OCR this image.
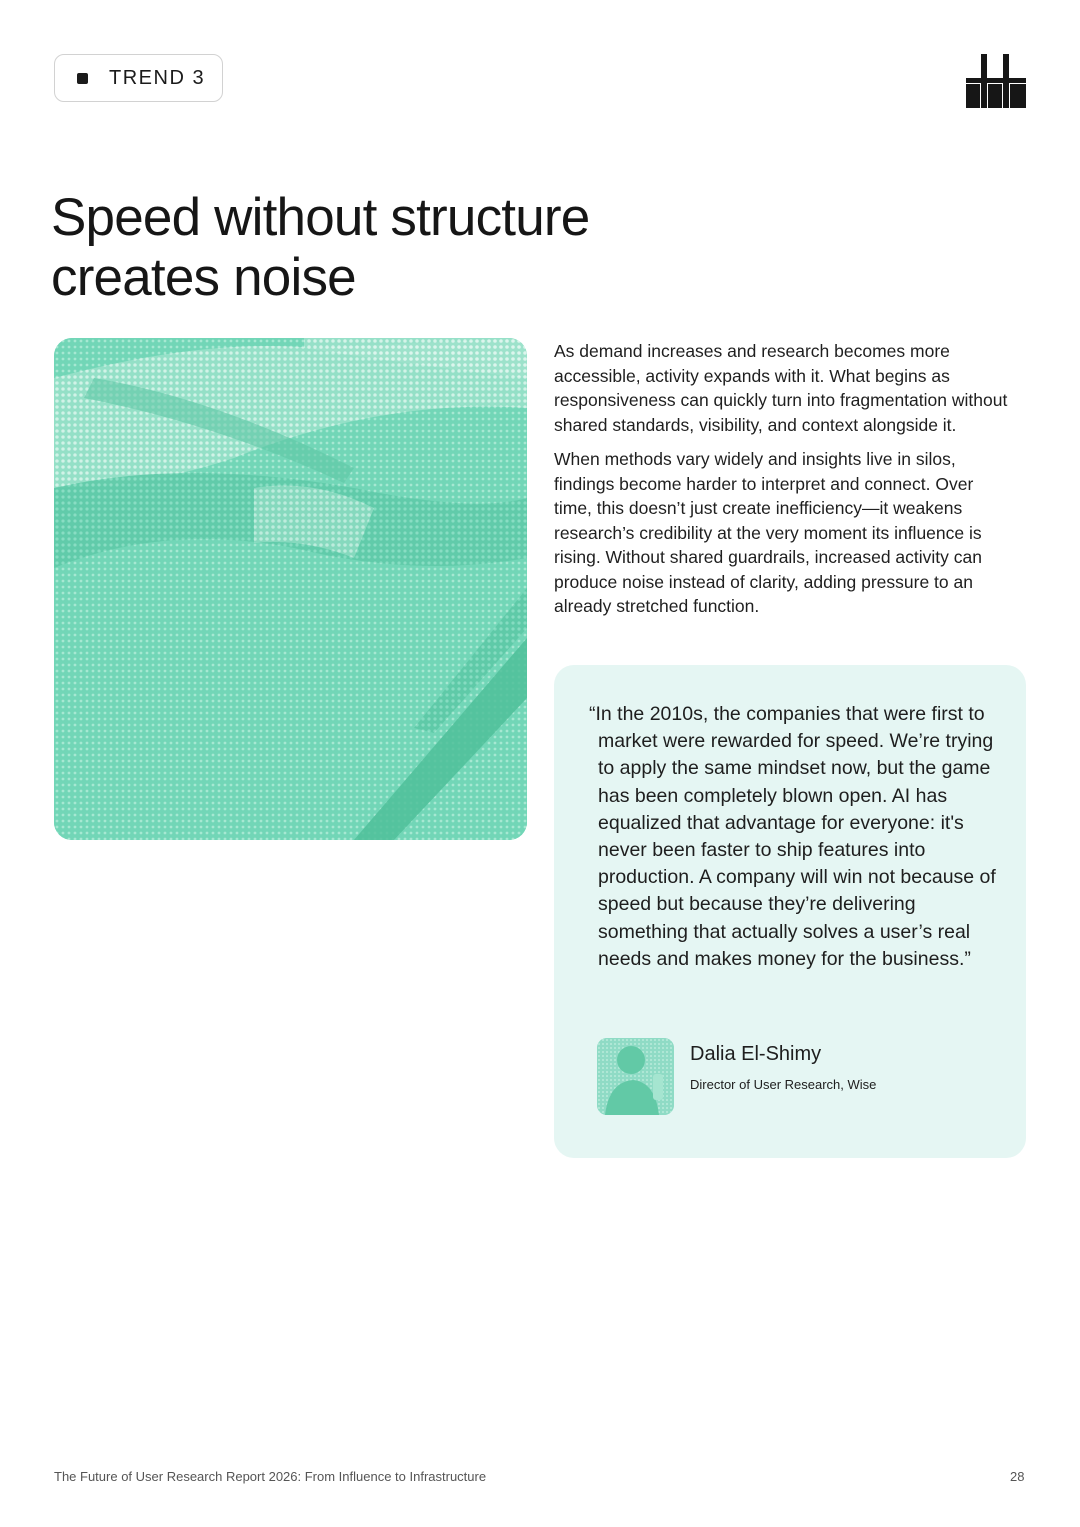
TREND 3
Speed without structure creates noise

As demand increases and research becomes more accessible, activity expands with it. What begins as responsiveness can quickly turn into fragmentation without shared standards, visibility, and context alongside it.

When methods vary widely and insights live in silos, findings become harder to interpret and connect. Over time, this doesn’t just create inefficiency—it weakens research’s credibility at the very moment its influence is rising. Without shared guardrails, increased activity can produce noise instead of clarity, adding pressure to an already stretched function.

“In the 2010s, the companies that were first to market were rewarded for speed. We’re trying to apply the same mindset now, but the game has been completely blown open. AI has equalized that advantage for everyone: it's never been faster to ship features into production. A company will win not because of speed but because they’re delivering something that actually solves a user’s real needs and makes money for the business.”

Dalia El-Shimy
Director of User Research, Wise
The Future of User Research Report 2026: From Influence to Infrastructure	28
